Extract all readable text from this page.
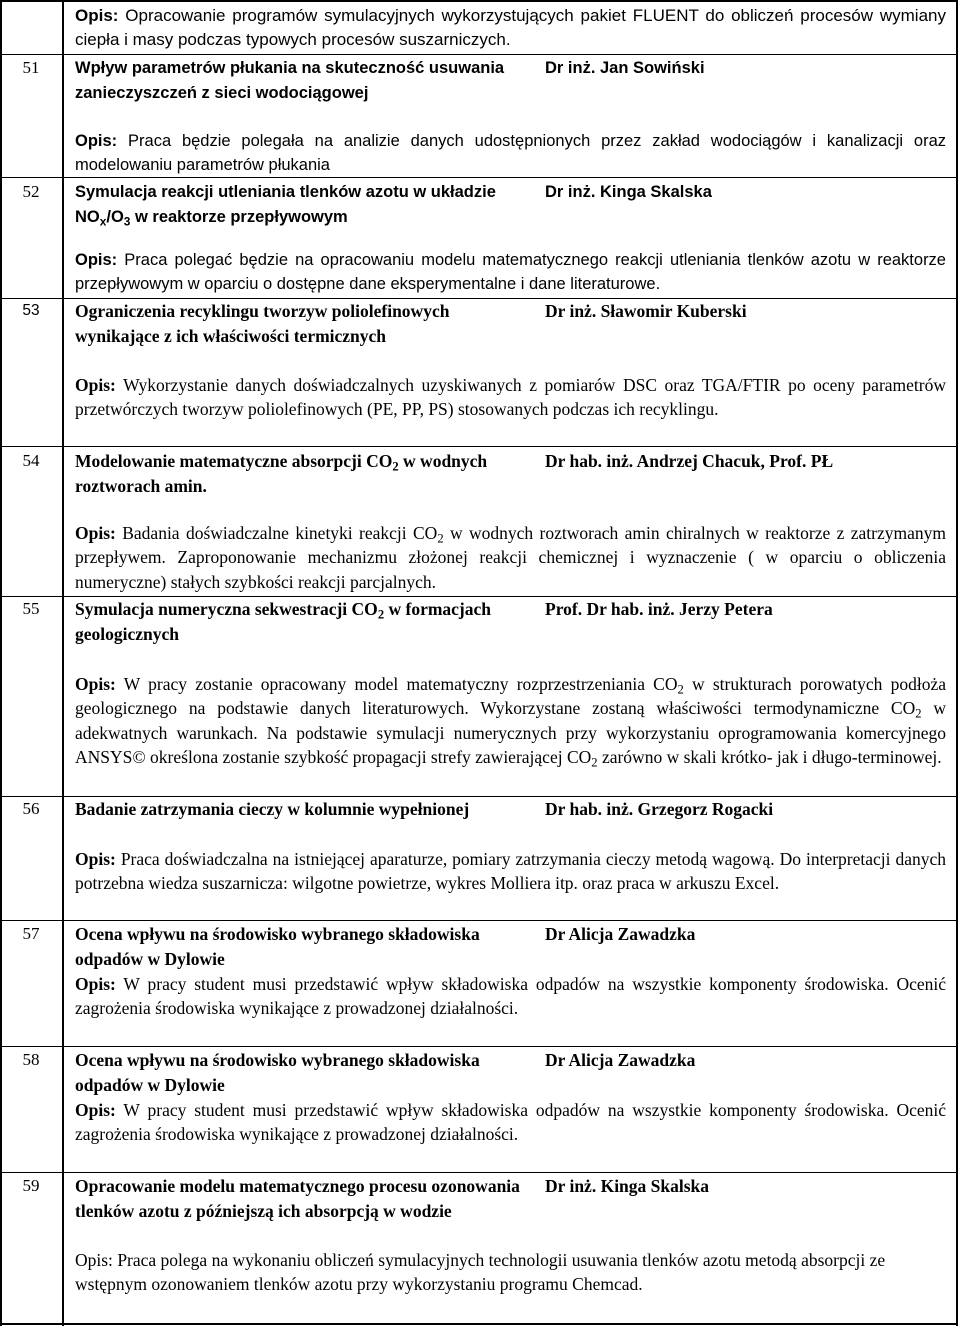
Opis: Opracowanie programów symulacyjnych wykorzystujących pakiet FLUENT do obliczeń procesów wymiany ciepła i masy podczas typowych procesów suszarniczych.
51	Wpływ parametrów płukania na skuteczność usuwania zanieczyszczeń z sieci wodociągowej
Dr inż. Jan Sowiński
Opis: Praca będzie polegała na analizie danych udostępnionych przez zakład wodociągów i kanalizacji oraz modelowaniu parametrów płukania
52	Symulacja reakcji utleniania tlenków azotu w układzie $NO_x/O_3$ w reaktorze przepływowym
Dr inż. Kinga Skalska
Opis: Praca polegać będzie na opracowaniu modelu matematycznego reakcji utleniania tlenków azotu w reaktorze przepływowym w oparciu o dostępne dane eksperymentalne i dane literaturowe.
53	Ograniczenia recyklingu tworzyw poliolefinowych wynikające z ich właściwości termicznych
Dr inż. Sławomir Kuberski
Opis: Wykorzystanie danych doświadczalnych uzyskiwanych z pomiarów DSC oraz TGA/FTIR po oceny parametrów przetwórczych tworzyw poliolefinowych (PE, PP, PS) stosowanych podczas ich recyklingu.
54	Modelowanie matematyczne absorpcji $CO_2$ w wodnych roztworach amin.
Dr hab. inż. Andrzej Chacuk, Prof. PŁ
Opis: Badania doświadczalne kinetyki reakcji $CO_2$ w wodnych roztworach amin chiralnych w reaktorze z zatrzymanym przepływem. Zaproponowanie mechanizmu złożonej reakcji chemicznej i wyznaczenie ( w oparciu o obliczenia numeryczne) stałych szybkości reakcji parcjalnych.
55	Symulacja numeryczna sekwestracji $CO_2$ w formacjach geologicznych
Prof. Dr hab. inż. Jerzy Petera
Opis: W pracy zostanie opracowany model matematyczny rozprzestrzeniania $CO_2$ w strukturach porowatych podłoża geologicznego na podstawie danych literaturowych. Wykorzystane zostaną właściwości termodynamiczne $CO_2$ w adekwatnych warunkach. Na podstawie symulacji numerycznych przy wykorzystaniu oprogramowania komercyjnego ANSYS© określona zostanie szybkość propagacji strefy zawierającej $CO_2$ zarówno w skali krótko- jak i długo-terminowej.
56	Badanie zatrzymania cieczy w kolumnie wypełnionej	Dr hab. inż. Grzegorz Rogacki
Opis: Praca doświadczalna na istniejącej aparaturze, pomiary zatrzymania cieczy metodą wagową. Do interpretacji danych potrzebna wiedza suszarnicza: wilgotne powietrze, wykres Molliera itp. oraz praca w arkuszu Excel.
57	Ocena wpływu na środowisko wybranego składowiska odpadów w Dylowie
Dr Alicja Zawadzka
Opis: W pracy student musi przedstawić wpływ składowiska odpadów na wszystkie komponenty środowiska. Ocenić zagrożenia środowiska wynikające z prowadzonej działalności.
58	Ocena wpływu na środowisko wybranego składowiska odpadów w Dylowie
Dr Alicja Zawadzka
Opis: W pracy student musi przedstawić wpływ składowiska odpadów na wszystkie komponenty środowiska. Ocenić zagrożenia środowiska wynikające z prowadzonej działalności.
59	Opracowanie modelu matematycznego procesu ozonowania tlenków azotu z późniejszą ich absorpcją w wodzie
Dr inż. Kinga Skalska
Opis: Praca polega na wykonaniu obliczeń symulacyjnych technologii usuwania tlenków azotu metodą absorpcji ze wstępnym ozonowaniem tlenków azotu przy wykorzystaniu programu Chemcad.
